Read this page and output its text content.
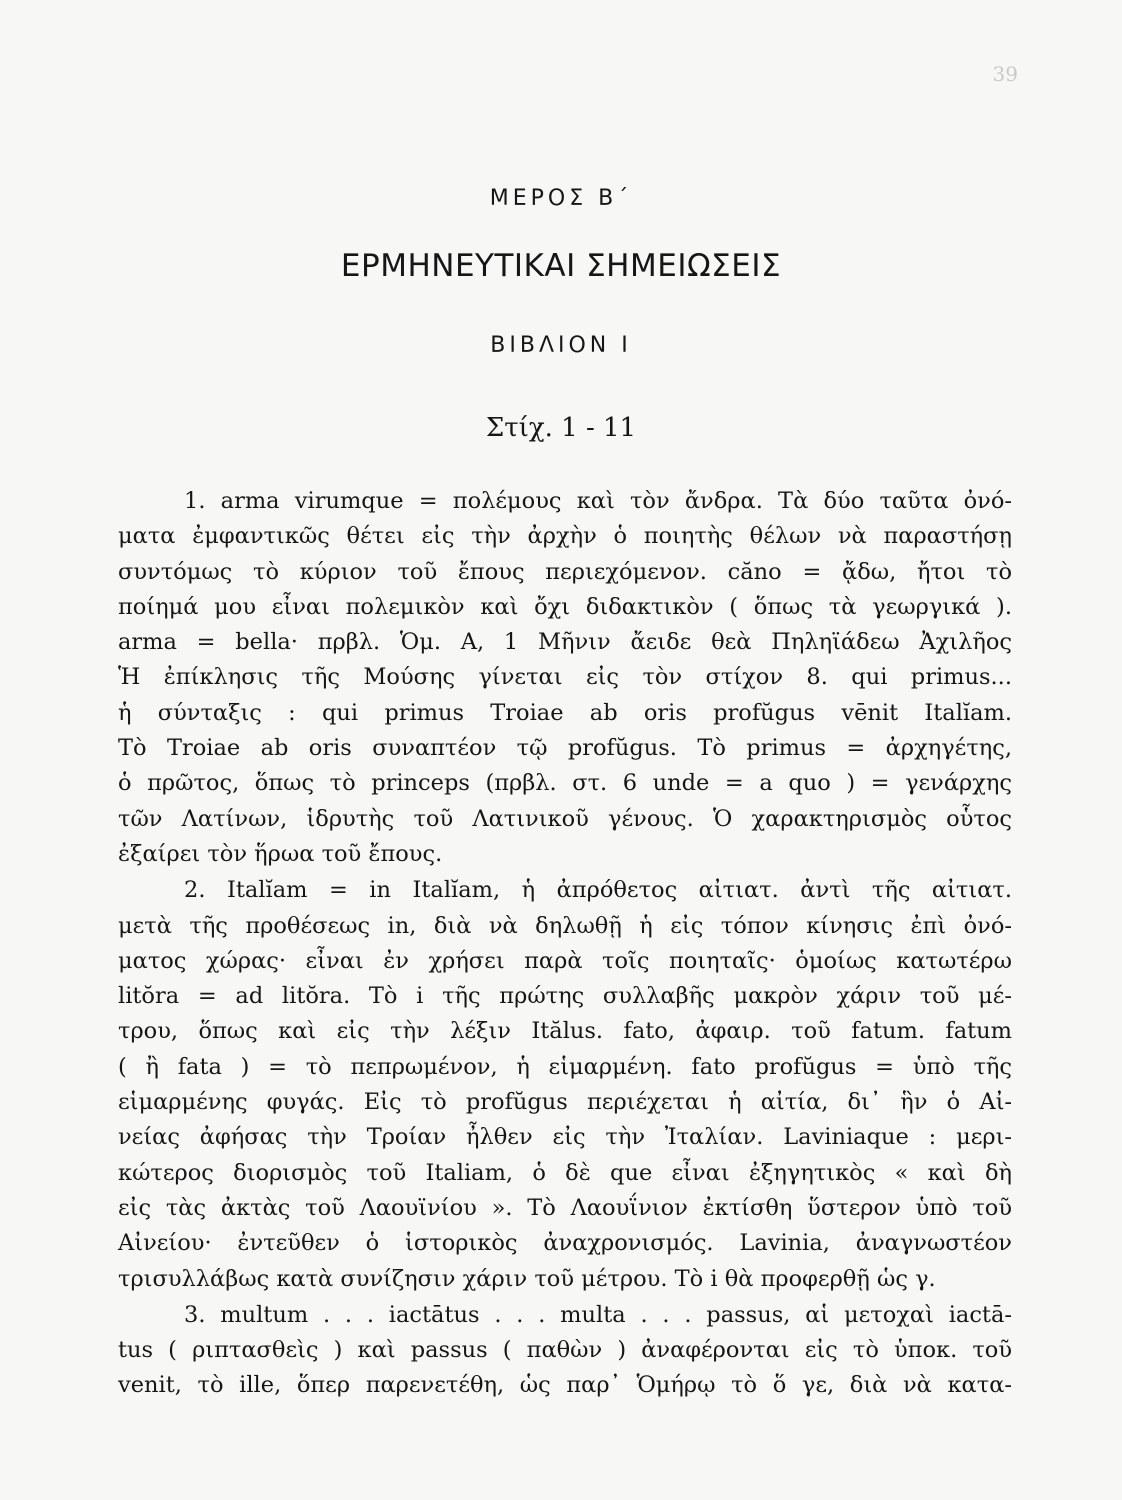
39
ΜΕΡΟΣ Β΄
ΕΡΜΗΝΕΥΤΙΚΑΙ ΣΗΜΕΙΩΣΕΙΣ
ΒΙΒΛΙΟΝ Ι
Στίχ. 1 - 11

1. arma virumque = πολέμους καὶ τὸν ἄνδρα. Τὰ δύο ταῦτα ὀνό-
ματα ἐμφαντικῶς θέτει εἰς τὴν ἀρχὴν ὁ ποιητὴς θέλων νὰ παραστήσῃ
συντόμως τὸ κύριον τοῦ ἔπους περιεχόμενον. căno = ᾄδω, ἤτοι τὸ
ποίημά μου εἶναι πολεμικὸν καὶ ὄχι διδακτικὸν ( ὅπως τὰ γεωργικά ).
arma = bella· πρβλ. Ὁμ. Α, 1 Μῆνιν ἄειδε θεὰ Πηληϊάδεω Ἀχιλῆος
Ἡ ἐπίκλησις τῆς Μούσης γίνεται εἰς τὸν στίχον 8. qui primus...
ἡ σύνταξις : qui primus Troiae ab oris profŭgus vēnit Italĭam.
Τὸ Troiae ab oris συναπτέον τῷ profŭgus. Τὸ primus = ἀρχηγέτης,
ὁ πρῶτος, ὅπως τὸ princeps (πρβλ. στ. 6 unde = a quo ) = γενάρχης
τῶν Λατίνων, ἱδρυτὴς τοῦ Λατινικοῦ γένους. Ὁ χαρακτηρισμὸς οὗτος
ἐξαίρει τὸν ἥρωα τοῦ ἔπους.

2. Italĭam = in Italĭam, ἡ ἀπρόθετος αἰτιατ. ἀντὶ τῆς αἰτιατ.
μετὰ τῆς προθέσεως in, διὰ νὰ δηλωθῇ ἡ εἰς τόπον κίνησις ἐπὶ ὀνό-
ματος χώρας· εἶναι ἐν χρήσει παρὰ τοῖς ποιηταῖς· ὁμοίως κατωτέρω
litŏra = ad litŏra. Τὸ i τῆς πρώτης συλλαβῆς μακρὸν χάριν τοῦ μέ-
τρου, ὅπως καὶ εἰς τὴν λέξιν Itălus. fato, ἀφαιρ. τοῦ fatum. fatum
( ἢ fata ) = τὸ πεπρωμένον, ἡ εἱμαρμένη. fato profŭgus = ὑπὸ τῆς
εἱμαρμένης φυγάς. Εἰς τὸ profŭgus περιέχεται ἡ αἰτία, δι᾽ ἣν ὁ Αἰ-
νείας ἀφήσας τὴν Τροίαν ἦλθεν εἰς τὴν Ἰταλίαν. Laviniaque : μερι-
κώτερος διορισμὸς τοῦ Italiam, ὁ δὲ que εἶναι ἐξηγητικὸς « καὶ δὴ
εἰς τὰς ἀκτὰς τοῦ Λαουϊνίου ». Τὸ Λαουΐνιον ἐκτίσθη ὕστερον ὑπὸ τοῦ
Αἰνείου· ἐντεῦθεν ὁ ἱστορικὸς ἀναχρονισμός. Lavinia, ἀναγνωστέον
τρισυλλάβως κατὰ συνίζησιν χάριν τοῦ μέτρου. Τὸ i θὰ προφερθῇ ὡς γ.

3. multum . . . iactātus . . . multa . . . passus, αἱ μετοχαὶ iactā-
tus ( ριπτασθεὶς ) καὶ passus ( παθὼν ) ἀναφέρονται εἰς τὸ ὑποκ. τοῦ
venit, τὸ ille, ὅπερ παρενετέθη, ὡς παρ᾽ Ὁμήρῳ τὸ ὅ γε, διὰ νὰ κατα-
